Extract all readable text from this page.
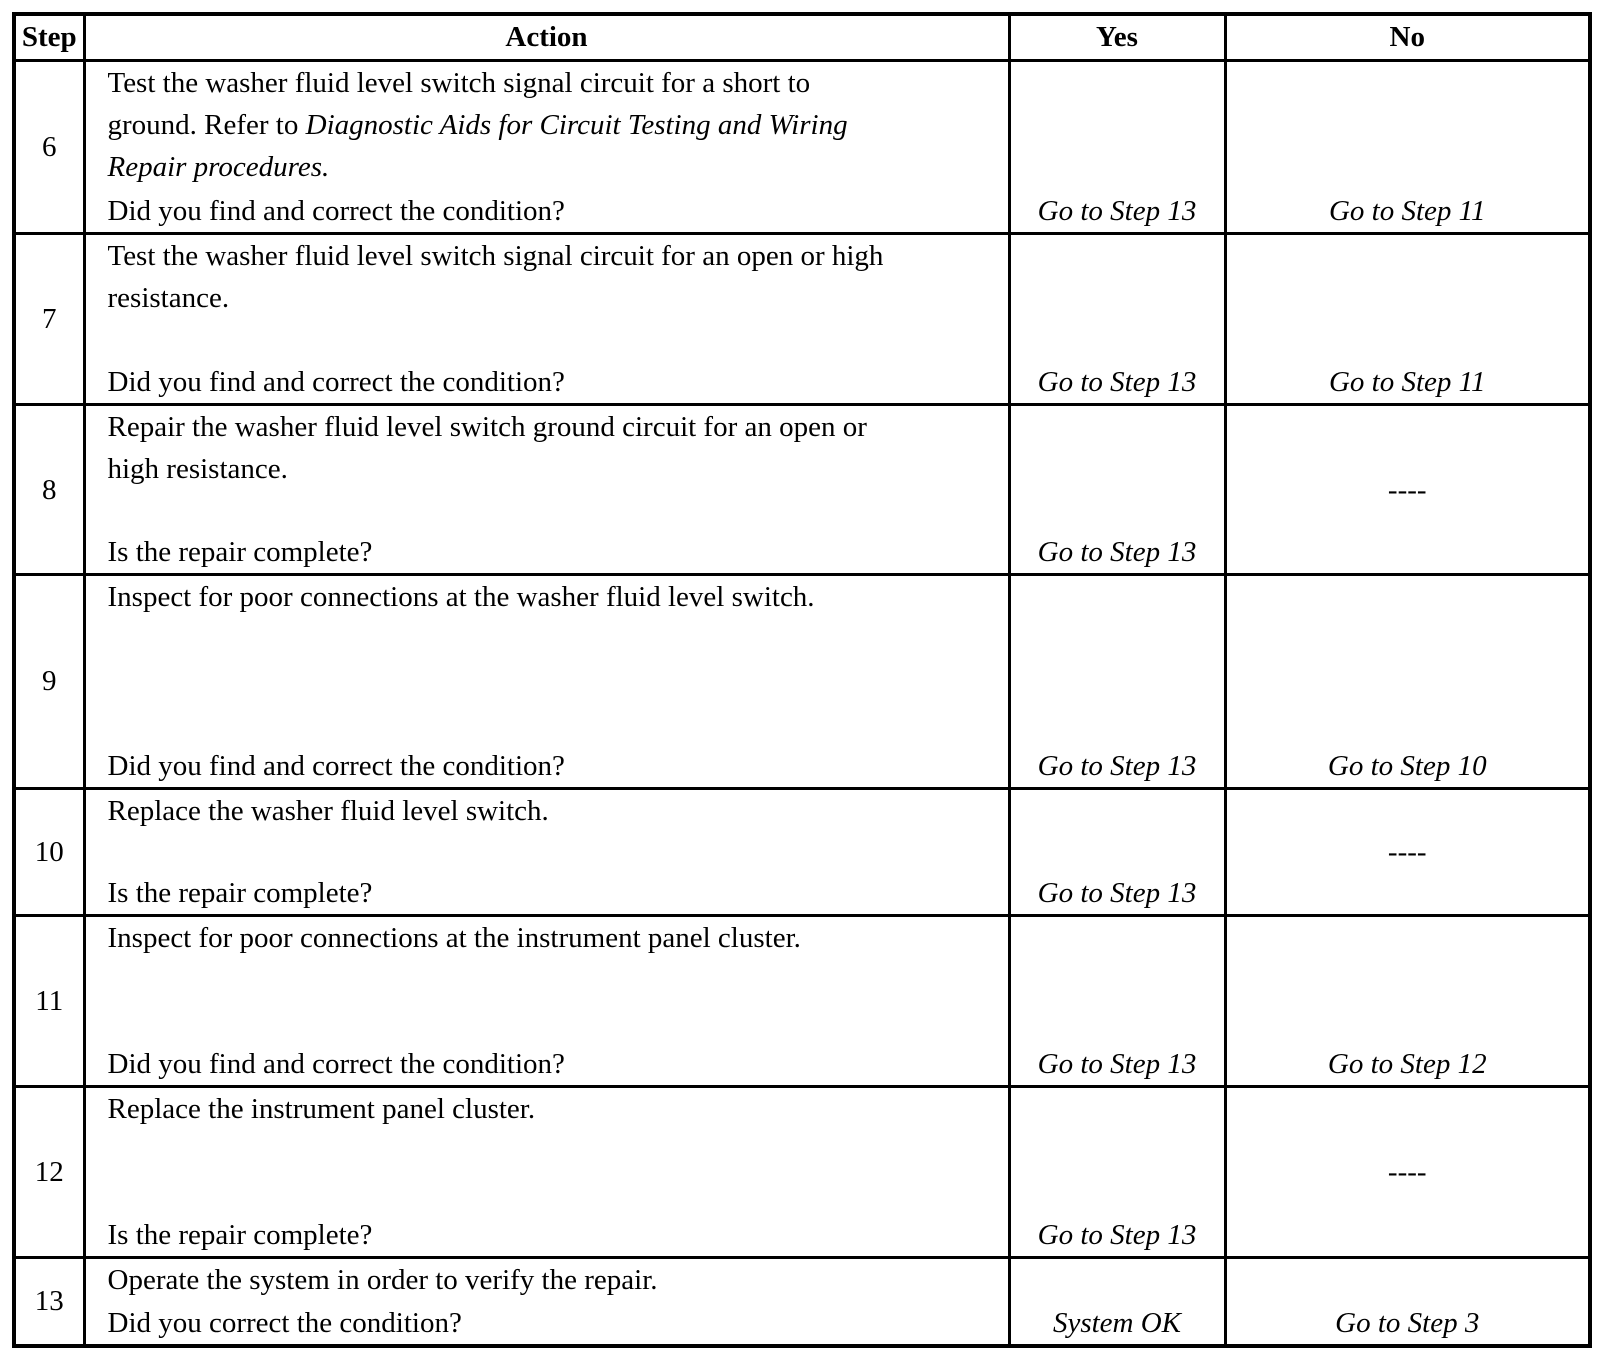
Step	Action	Yes	No
6	Test the washer fluid level switch signal circuit for a short to
ground. Refer to Diagnostic Aids for Circuit Testing and Wiring
Repair procedures.
Did you find and correct the condition?	Go to Step 13	Go to Step 11
7	Test the washer fluid level switch signal circuit for an open or high
resistance.
Did you find and correct the condition?	Go to Step 13	Go to Step 11
8	Repair the washer fluid level switch ground circuit for an open or
high resistance.
Is the repair complete?	Go to Step 13	----
9	Inspect for poor connections at the washer fluid level switch.
Did you find and correct the condition?	Go to Step 13	Go to Step 10
10	Replace the washer fluid level switch.
Is the repair complete?	Go to Step 13	----
11	Inspect for poor connections at the instrument panel cluster.
Did you find and correct the condition?	Go to Step 13	Go to Step 12
12	Replace the instrument panel cluster.
Is the repair complete?	Go to Step 13	----
13	Operate the system in order to verify the repair.
Did you correct the condition?	System OK	Go to Step 3
